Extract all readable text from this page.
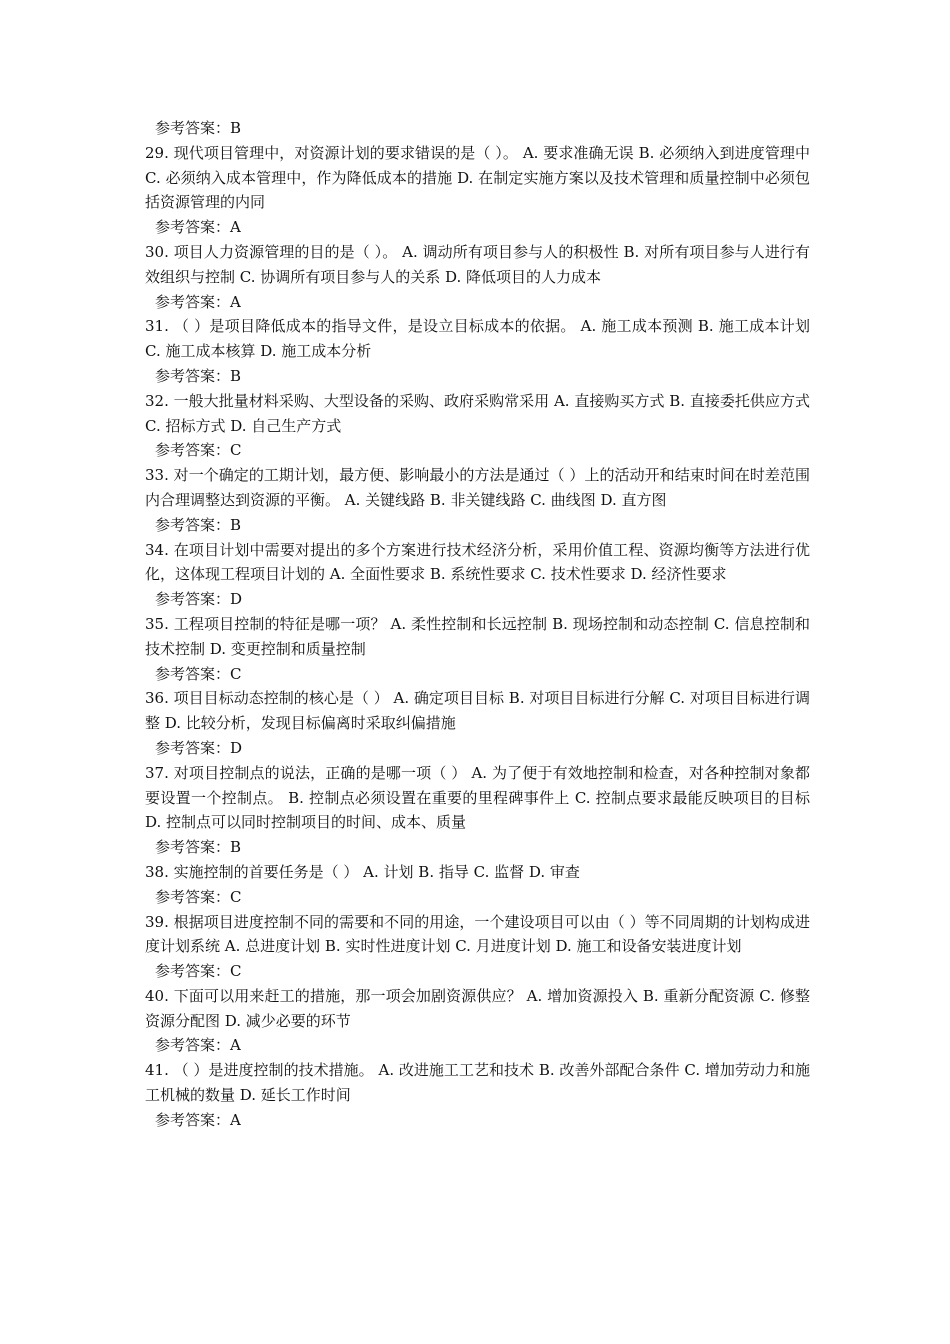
参考答案：B

29. 现代项目管理中，对资源计划的要求错误的是（ ）。 A. 要求准确无误 B. 必须纳入到进度管理中 C. 必须纳入成本管理中，作为降低成本的措施 D. 在制定实施方案以及技术管理和质量控制中必须包括资源管理的内同

参考答案：A

30. 项目人力资源管理的目的是（ ）。 A. 调动所有项目参与人的积极性 B. 对所有项目参与人进行有效组织与控制 C. 协调所有项目参与人的关系 D. 降低项目的人力成本

参考答案：A

31. （ ）是项目降低成本的指导文件，是设立目标成本的依据。 A. 施工成本预测 B. 施工成本计划 C. 施工成本核算 D. 施工成本分析

参考答案：B

32. 一般大批量材料采购、大型设备的采购、政府采购常采用 A. 直接购买方式 B. 直接委托供应方式 C. 招标方式 D. 自己生产方式

参考答案：C

33. 对一个确定的工期计划，最方便、影响最小的方法是通过（ ）上的活动开和结束时间在时差范围内合理调整达到资源的平衡。 A. 关键线路 B. 非关键线路 C. 曲线图 D. 直方图

参考答案：B

34. 在项目计划中需要对提出的多个方案进行技术经济分析，采用价值工程、资源均衡等方法进行优化，这体现工程项目计划的 A. 全面性要求 B. 系统性要求 C. 技术性要求 D. 经济性要求

参考答案：D

35. 工程项目控制的特征是哪一项？ A. 柔性控制和长远控制 B. 现场控制和动态控制 C. 信息控制和技术控制 D. 变更控制和质量控制

参考答案：C

36. 项目目标动态控制的核心是（ ） A. 确定项目目标 B. 对项目目标进行分解 C. 对项目目标进行调整 D. 比较分析，发现目标偏离时采取纠偏措施

参考答案：D

37. 对项目控制点的说法，正确的是哪一项（ ） A. 为了便于有效地控制和检查，对各种控制对象都要设置一个控制点。 B. 控制点必须设置在重要的里程碑事件上 C. 控制点要求最能反映项目的目标 D. 控制点可以同时控制项目的时间、成本、质量

参考答案：B

38. 实施控制的首要任务是（ ） A. 计划 B. 指导 C. 监督 D. 审查

参考答案：C

39. 根据项目进度控制不同的需要和不同的用途，一个建设项目可以由（ ）等不同周期的计划构成进度计划系统 A. 总进度计划 B. 实时性进度计划 C. 月进度计划 D. 施工和设备安装进度计划

参考答案：C

40. 下面可以用来赶工的措施，那一项会加剧资源供应？ A. 增加资源投入 B. 重新分配资源 C. 修整资源分配图 D. 减少必要的环节

参考答案：A

41. （ ）是进度控制的技术措施。 A. 改进施工工艺和技术 B. 改善外部配合条件 C. 增加劳动力和施工机械的数量 D. 延长工作时间

参考答案：A
